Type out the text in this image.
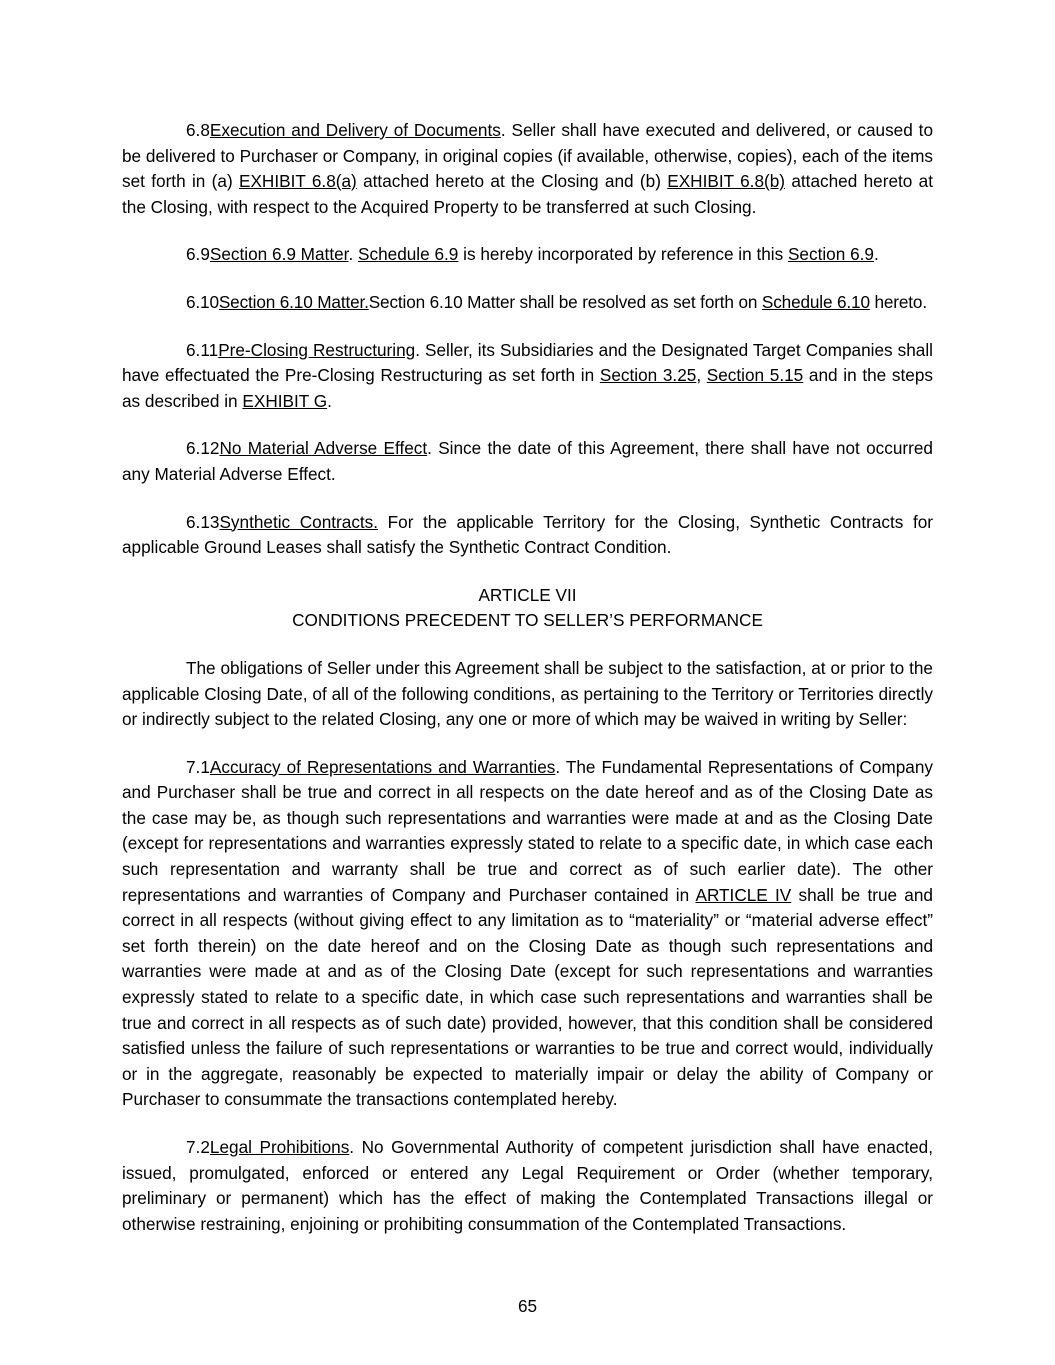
6.8Execution and Delivery of Documents. Seller shall have executed and delivered, or caused to be delivered to Purchaser or Company, in original copies (if available, otherwise, copies), each of the items set forth in (a) EXHIBIT 6.8(a) attached hereto at the Closing and (b) EXHIBIT 6.8(b) attached hereto at the Closing, with respect to the Acquired Property to be transferred at such Closing.

6.9Section 6.9 Matter. Schedule 6.9 is hereby incorporated by reference in this Section 6.9.

6.10Section 6.10 Matter.Section 6.10 Matter shall be resolved as set forth on Schedule 6.10 hereto.

6.11Pre-Closing Restructuring. Seller, its Subsidiaries and the Designated Target Companies shall have effectuated the Pre-Closing Restructuring as set forth in Section 3.25, Section 5.15 and in the steps as described in EXHIBIT G.

6.12No Material Adverse Effect. Since the date of this Agreement, there shall have not occurred any Material Adverse Effect.

6.13Synthetic Contracts. For the applicable Territory for the Closing, Synthetic Contracts for applicable Ground Leases shall satisfy the Synthetic Contract Condition.

ARTICLE VII
CONDITIONS PRECEDENT TO SELLER’S PERFORMANCE

The obligations of Seller under this Agreement shall be subject to the satisfaction, at or prior to the applicable Closing Date, of all of the following conditions, as pertaining to the Territory or Territories directly or indirectly subject to the related Closing, any one or more of which may be waived in writing by Seller:

7.1Accuracy of Representations and Warranties. The Fundamental Representations of Company and Purchaser shall be true and correct in all respects on the date hereof and as of the Closing Date as the case may be, as though such representations and warranties were made at and as the Closing Date (except for representations and warranties expressly stated to relate to a specific date, in which case each such representation and warranty shall be true and correct as of such earlier date). The other representations and warranties of Company and Purchaser contained in ARTICLE IV shall be true and correct in all respects (without giving effect to any limitation as to “materiality” or “material adverse effect” set forth therein) on the date hereof and on the Closing Date as though such representations and warranties were made at and as of the Closing Date (except for such representations and warranties expressly stated to relate to a specific date, in which case such representations and warranties shall be true and correct in all respects as of such date) provided, however, that this condition shall be considered satisfied unless the failure of such representations or warranties to be true and correct would, individually or in the aggregate, reasonably be expected to materially impair or delay the ability of Company or Purchaser to consummate the transactions contemplated hereby.

7.2Legal Prohibitions. No Governmental Authority of competent jurisdiction shall have enacted, issued, promulgated, enforced or entered any Legal Requirement or Order (whether temporary, preliminary or permanent) which has the effect of making the Contemplated Transactions illegal or otherwise restraining, enjoining or prohibiting consummation of the Contemplated Transactions.

65
